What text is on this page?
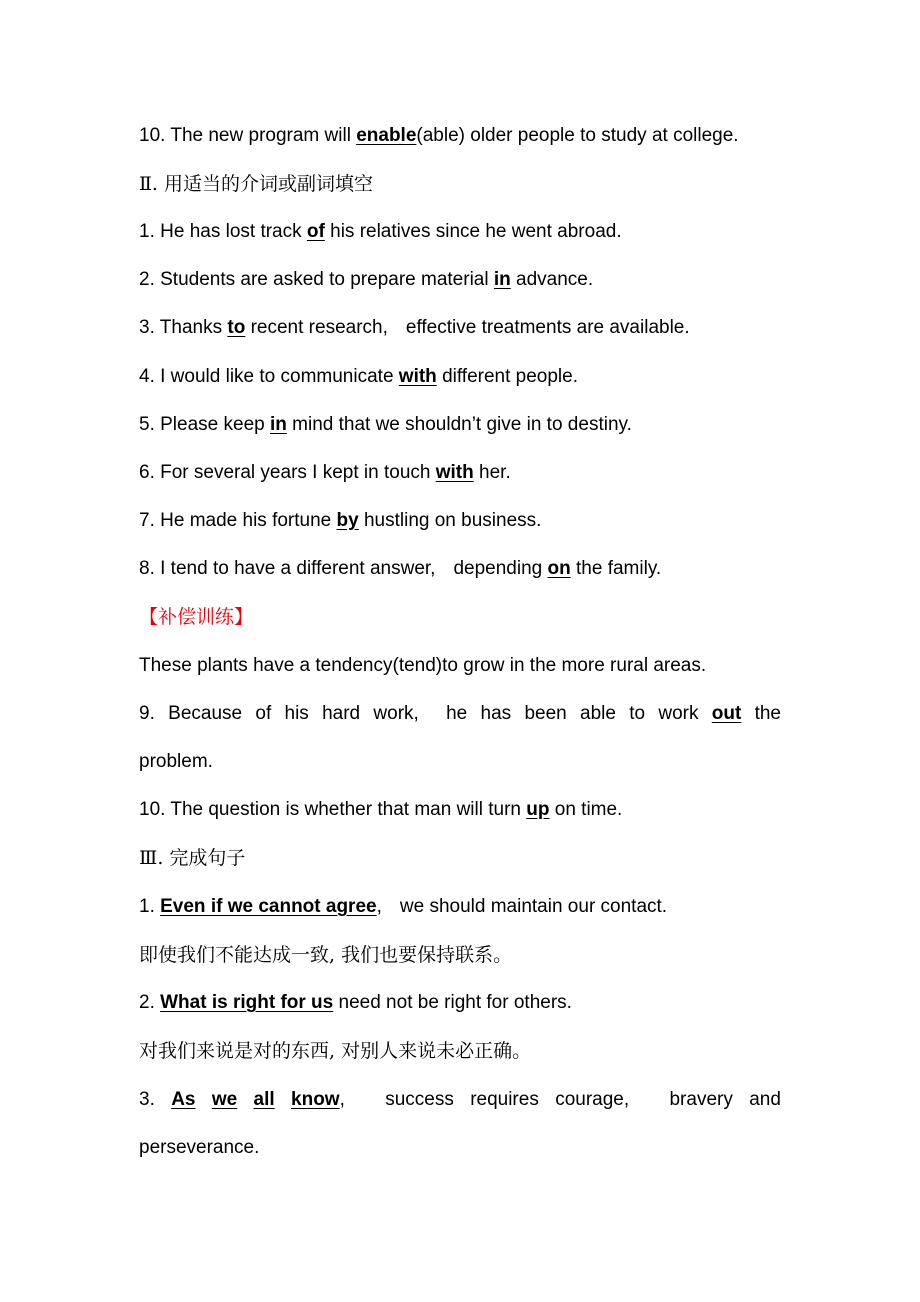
10. The new program will enable(able) older people to study at college.
Ⅱ. 用适当的介词或副词填空
1. He has lost track of his relatives since he went abroad.
2. Students are asked to prepare material in advance.
3. Thanks to recent research, effective treatments are available.
4. I would like to communicate with different people.
5. Please keep in mind that we shouldn’t give in to destiny.
6. For several years I kept in touch with her.
7. He made his fortune by hustling on business.
8. I tend to have a different answer, depending on the family.
【补偿训练】
These plants have a tendency(tend)to grow in the more rural areas.
9. Because of his hard work, he has been able to work out the
problem.
10. The question is whether that man will turn up on time.
Ⅲ. 完成句子
1. Even if we cannot agree, we should maintain our contact.
即使我们不能达成一致, 我们也要保持联系。
2. What is right for us need not be right for others.
对我们来说是对的东西, 对别人来说未必正确。
3. As we all know, success requires courage, bravery and
perseverance.
